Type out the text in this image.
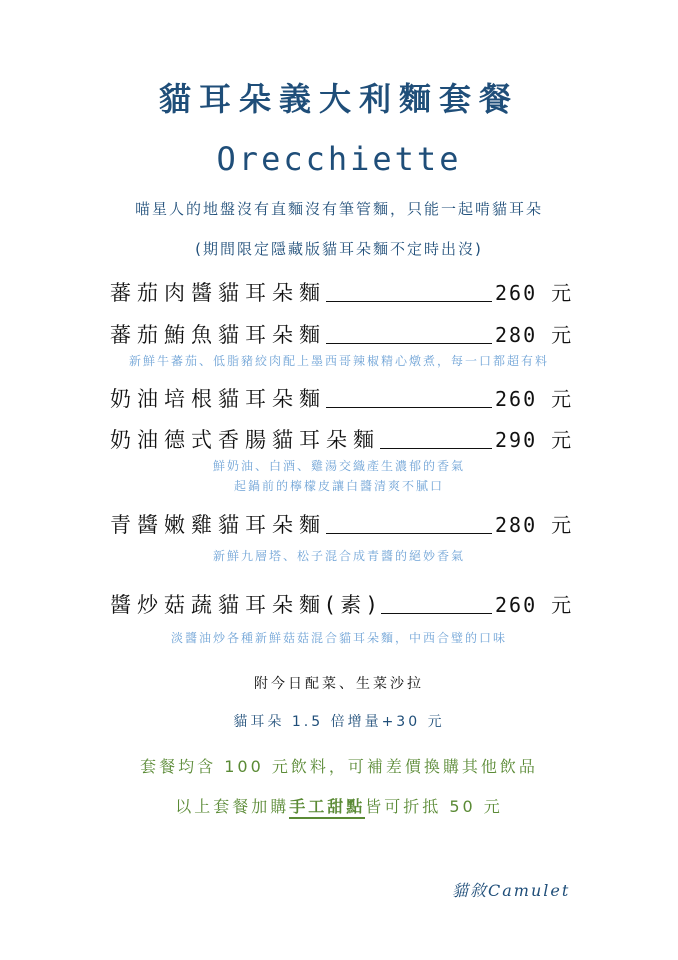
貓耳朵義大利麵套餐
Orecchiette
喵星人的地盤沒有直麵沒有筆管麵，只能一起啃貓耳朵
(期間限定隱藏版貓耳朵麵不定時出沒)
蕃茄肉醬貓耳朵麵	260 元
蕃茄鮪魚貓耳朵麵	280 元
新鮮牛蕃茄、低脂豬絞肉配上墨西哥辣椒精心燉煮，每一口都超有料
奶油培根貓耳朵麵	260 元
奶油德式香腸貓耳朵麵	290 元
鮮奶油、白酒、雞湯交織產生濃郁的香氣
起鍋前的檸檬皮讓白醬清爽不膩口
青醬嫩雞貓耳朵麵	280 元
新鮮九層塔、松子混合成青醬的絕妙香氣
醬炒菇蔬貓耳朵麵(素)	260 元
淡醬油炒各種新鮮菇菇混合貓耳朵麵，中西合璧的口味
附今日配菜、生菜沙拉
貓耳朵 1.5 倍增量+30 元
套餐均含 100 元飲料，可補差價換購其他飲品
以上套餐加購手工甜點皆可折抵 50 元
貓敘Camulet
